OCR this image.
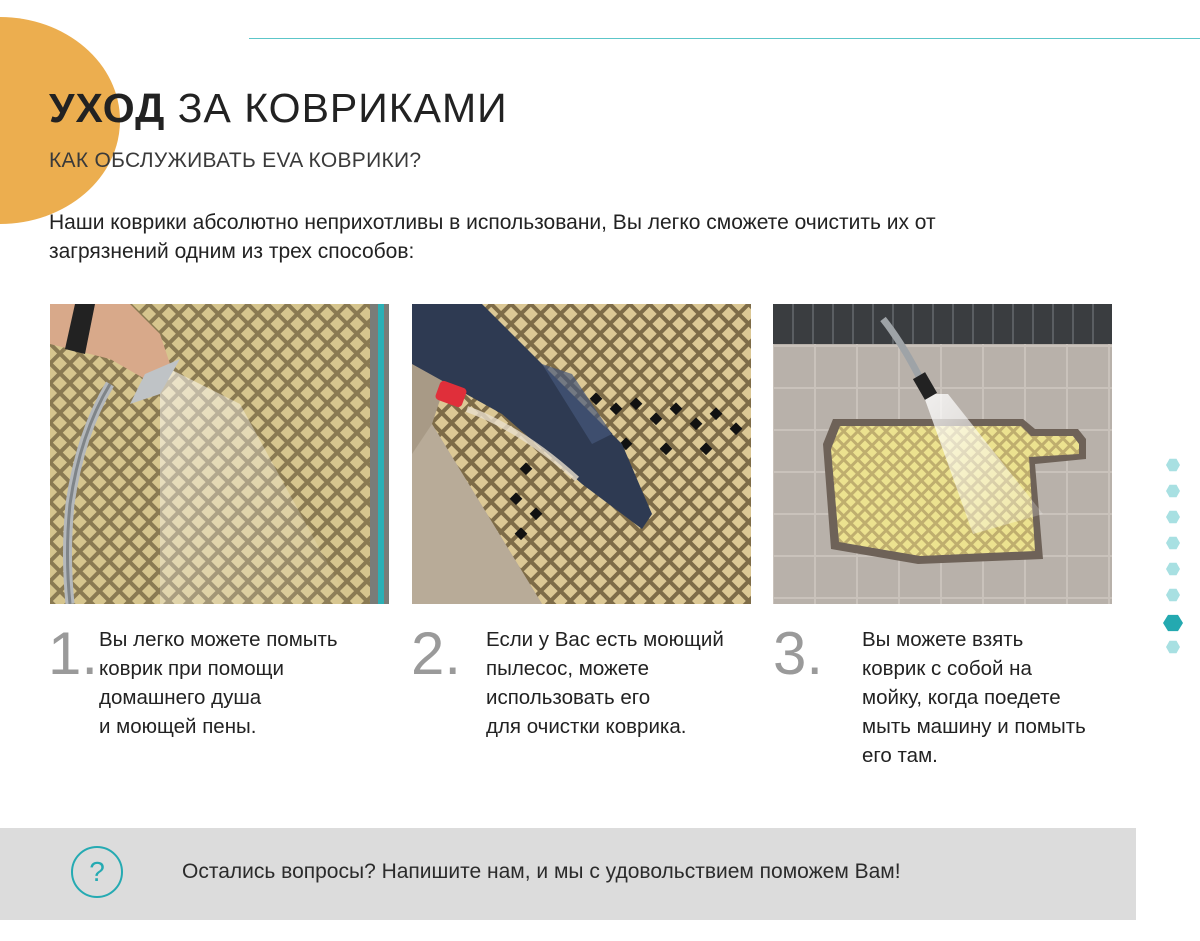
УХОД ЗА КОВРИКАМИ
КАК ОБСЛУЖИВАТЬ EVA КОВРИКИ?
Наши коврики абсолютно неприхотливы в использовани, Вы легко сможете очистить их от загрязнений одним из трех способов:
1. Вы легко можете помыть
коврик при помощи
домашнего душа
и моющей пены.
2. Если у Вас есть моющий
пылесос, можете
использовать его
для очистки коврика.
3. Вы можете взять
коврик с собой на
мойку, когда поедете
мыть машину и помыть
его там.
?	Остались вопросы? Напишите нам, и мы с удовольствием поможем Вам!
